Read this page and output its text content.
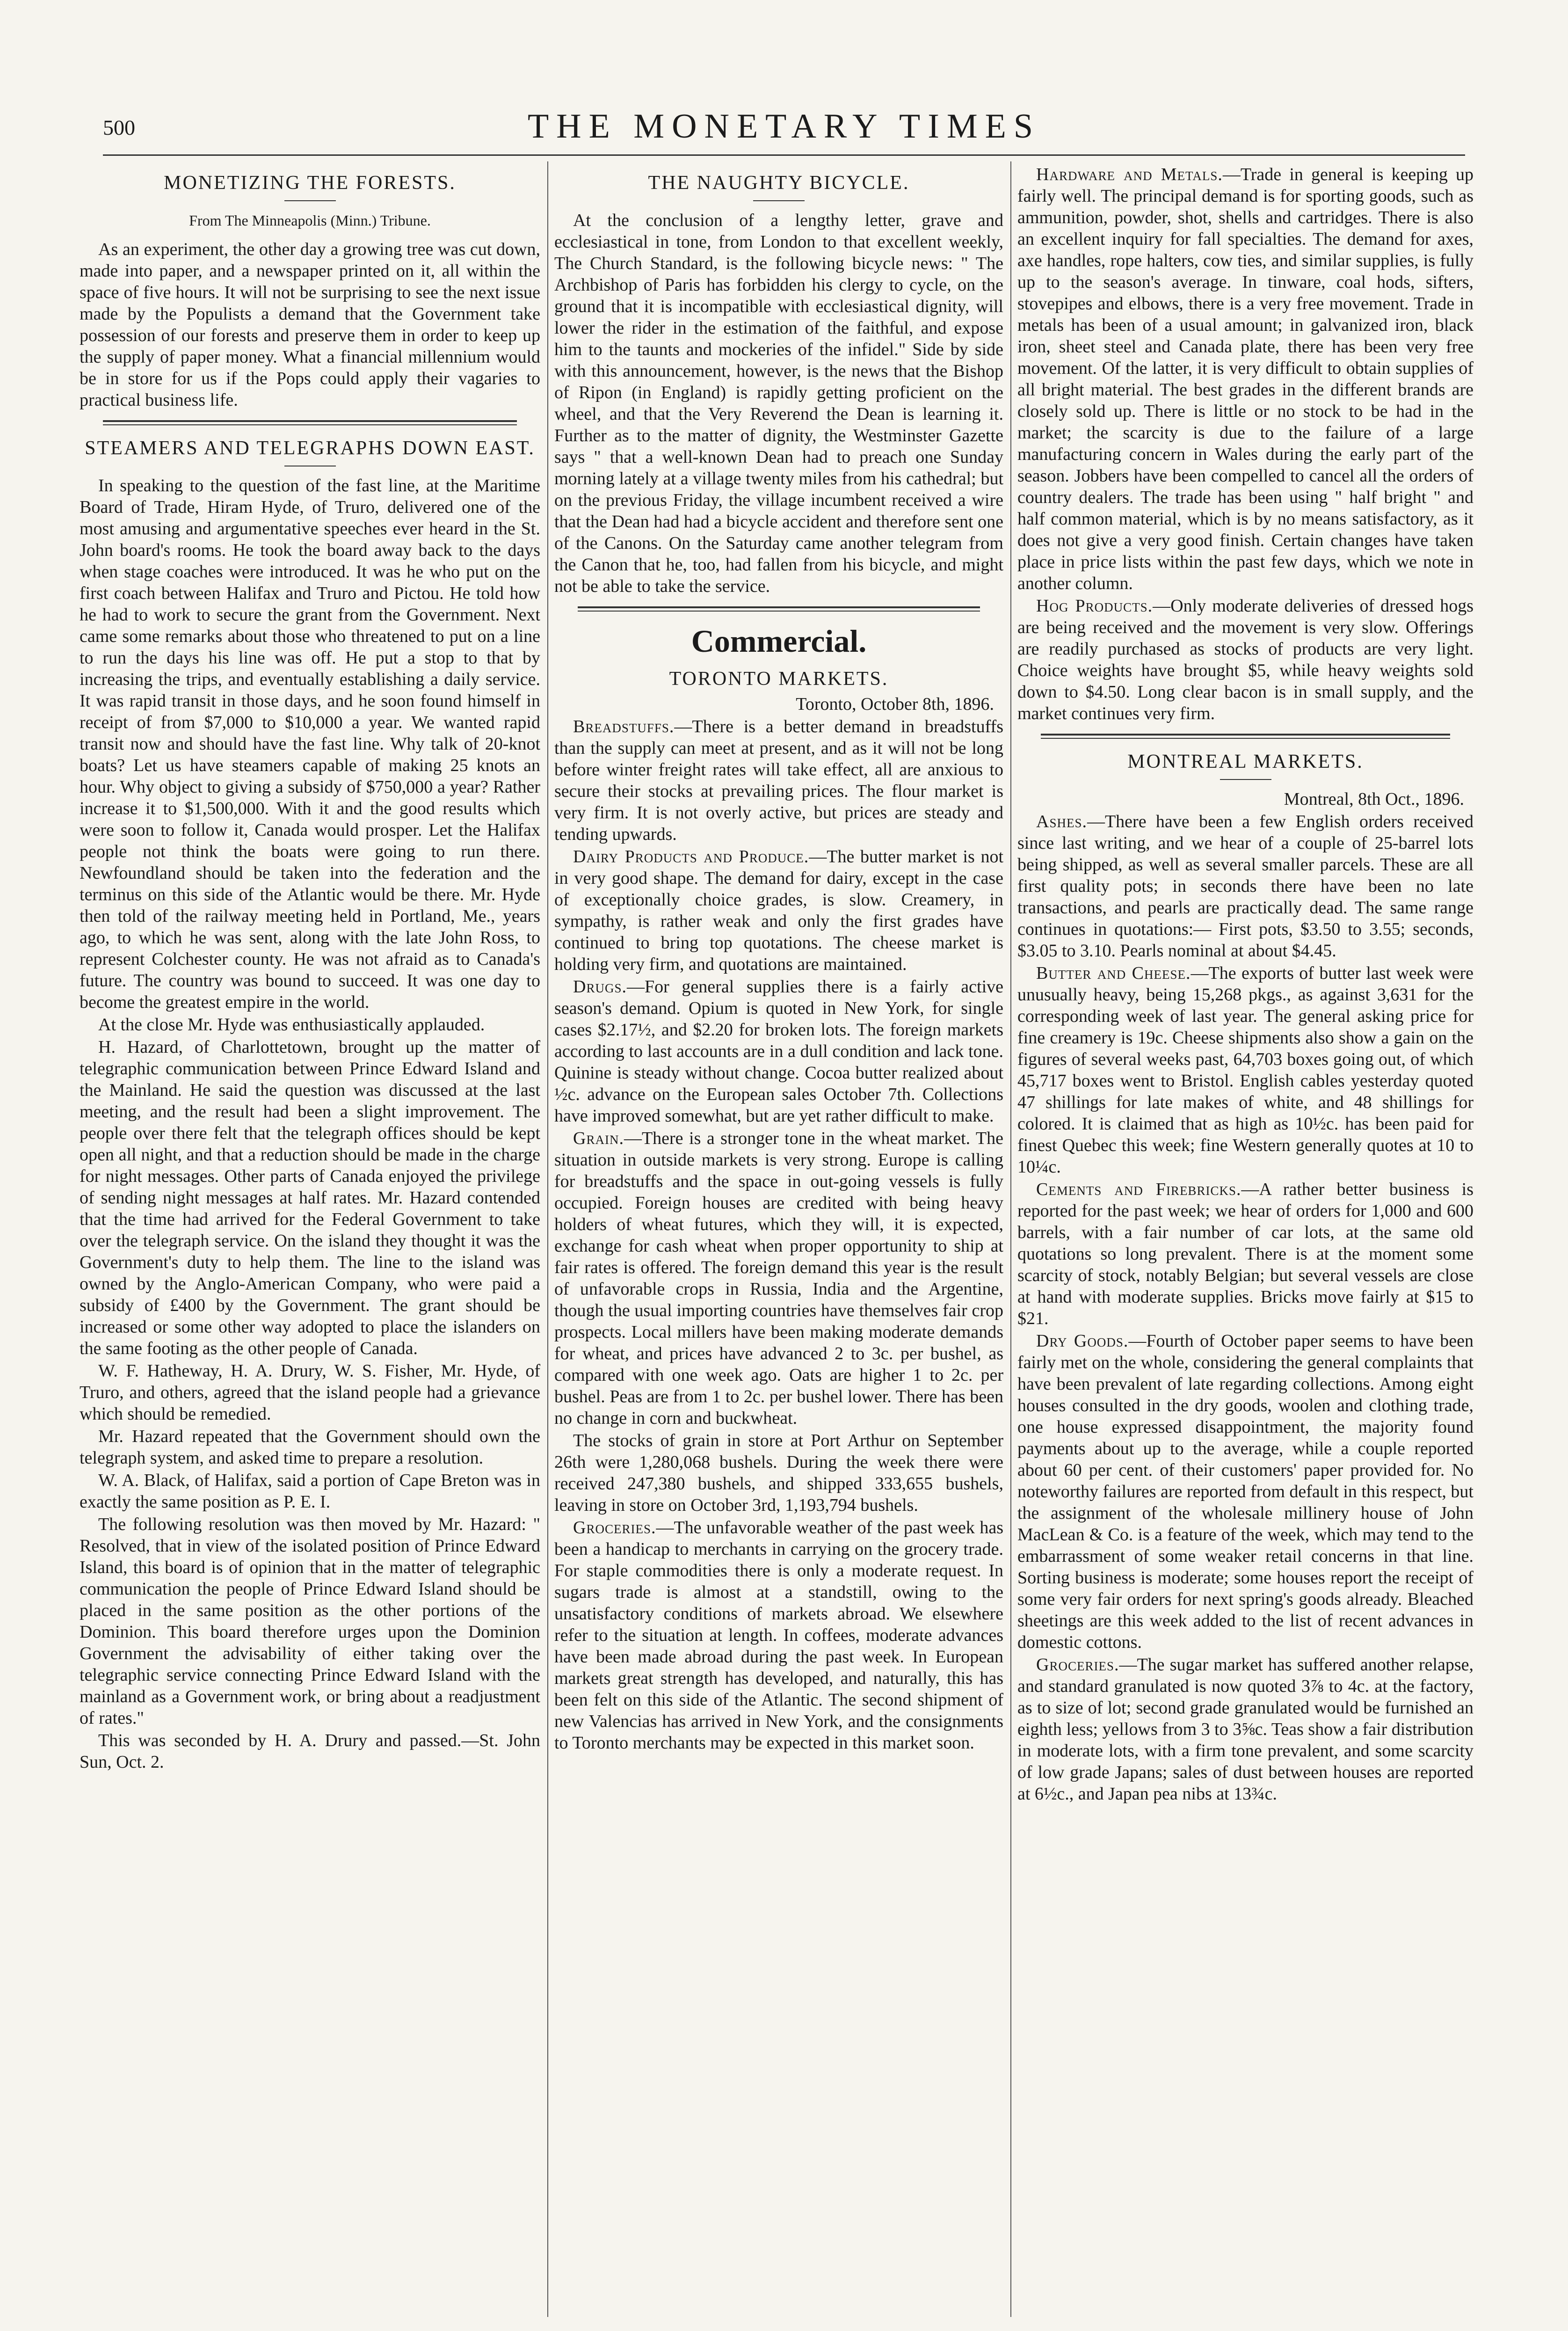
500	THE MONETARY TIMES
MONETIZING THE FORESTS.

From The Minneapolis (Minn.) Tribune.

As an experiment, the other day a growing tree was cut down, made into paper, and a newspaper printed on it, all within the space of five hours. It will not be surprising to see the next issue made by the Populists a demand that the Government take possession of our forests and preserve them in order to keep up the supply of paper money. What a financial millennium would be in store for us if the Pops could apply their vagaries to practical business life.

STEAMERS AND TELEGRAPHS DOWN EAST.

In speaking to the question of the fast line, at the Maritime Board of Trade, Hiram Hyde, of Truro, delivered one of the most amusing and argumentative speeches ever heard in the St. John board's rooms. He took the board away back to the days when stage coaches were introduced. It was he who put on the first coach between Halifax and Truro and Pictou. He told how he had to work to secure the grant from the Government. Next came some remarks about those who threatened to put on a line to run the days his line was off. He put a stop to that by increasing the trips, and eventually establishing a daily service. It was rapid transit in those days, and he soon found himself in receipt of from $7,000 to $10,000 a year. We wanted rapid transit now and should have the fast line. Why talk of 20-knot boats? Let us have steamers capable of making 25 knots an hour. Why object to giving a subsidy of $750,000 a year? Rather increase it to $1,500,000. With it and the good results which were soon to follow it, Canada would prosper. Let the Halifax people not think the boats were going to run there. Newfoundland should be taken into the federation and the terminus on this side of the Atlantic would be there. Mr. Hyde then told of the railway meeting held in Portland, Me., years ago, to which he was sent, along with the late John Ross, to represent Colchester county. He was not afraid as to Canada's future. The country was bound to succeed. It was one day to become the greatest empire in the world.

At the close Mr. Hyde was enthusiastically applauded.

H. Hazard, of Charlottetown, brought up the matter of telegraphic communication between Prince Edward Island and the Mainland. He said the question was discussed at the last meeting, and the result had been a slight improvement. The people over there felt that the telegraph offices should be kept open all night, and that a reduction should be made in the charge for night messages. Other parts of Canada enjoyed the privilege of sending night messages at half rates. Mr. Hazard contended that the time had arrived for the Federal Government to take over the telegraph service. On the island they thought it was the Government's duty to help them. The line to the island was owned by the Anglo-American Company, who were paid a subsidy of £400 by the Government. The grant should be increased or some other way adopted to place the islanders on the same footing as the other people of Canada.

W. F. Hatheway, H. A. Drury, W. S. Fisher, Mr. Hyde, of Truro, and others, agreed that the island people had a grievance which should be remedied.

Mr. Hazard repeated that the Government should own the telegraph system, and asked time to prepare a resolution.

W. A. Black, of Halifax, said a portion of Cape Breton was in exactly the same position as P. E. I.

The following resolution was then moved by Mr. Hazard: " Resolved, that in view of the isolated position of Prince Edward Island, this board is of opinion that in the matter of telegraphic communication the people of Prince Edward Island should be placed in the same position as the other portions of the Dominion. This board therefore urges upon the Dominion Government the advisability of either taking over the telegraphic service connecting Prince Edward Island with the mainland as a Government work, or bring about a readjustment of rates."

This was seconded by H. A. Drury and passed.—St. John Sun, Oct. 2.

THE NAUGHTY BICYCLE.

At the conclusion of a lengthy letter, grave and ecclesiastical in tone, from London to that excellent weekly, The Church Standard, is the following bicycle news: " The Archbishop of Paris has forbidden his clergy to cycle, on the ground that it is incompatible with ecclesiastical dignity, will lower the rider in the estimation of the faithful, and expose him to the taunts and mockeries of the infidel." Side by side with this announcement, however, is the news that the Bishop of Ripon (in England) is rapidly getting proficient on the wheel, and that the Very Reverend the Dean is learning it. Further as to the matter of dignity, the Westminster Gazette says " that a well-known Dean had to preach one Sunday morning lately at a village twenty miles from his cathedral; but on the previous Friday, the village incumbent received a wire that the Dean had had a bicycle accident and therefore sent one of the Canons. On the Saturday came another telegram from the Canon that he, too, had fallen from his bicycle, and might not be able to take the service.

Commercial.
TORONTO MARKETS.

Toronto, October 8th, 1896.

Breadstuffs.—There is a better demand in breadstuffs than the supply can meet at present, and as it will not be long before winter freight rates will take effect, all are anxious to secure their stocks at prevailing prices. The flour market is very firm. It is not overly active, but prices are steady and tending upwards.

Dairy Products and Produce.—The butter market is not in very good shape. The demand for dairy, except in the case of exceptionally choice grades, is slow. Creamery, in sympathy, is rather weak and only the first grades have continued to bring top quotations. The cheese market is holding very firm, and quotations are maintained.

Drugs.—For general supplies there is a fairly active season's demand. Opium is quoted in New York, for single cases $2.17½, and $2.20 for broken lots. The foreign markets according to last accounts are in a dull condition and lack tone. Quinine is steady without change. Cocoa butter realized about ½c. advance on the European sales October 7th. Collections have improved somewhat, but are yet rather difficult to make.

Grain.—There is a stronger tone in the wheat market. The situation in outside markets is very strong. Europe is calling for breadstuffs and the space in out-going vessels is fully occupied. Foreign houses are credited with being heavy holders of wheat futures, which they will, it is expected, exchange for cash wheat when proper opportunity to ship at fair rates is offered. The foreign demand this year is the result of unfavorable crops in Russia, India and the Argentine, though the usual importing countries have themselves fair crop prospects. Local millers have been making moderate demands for wheat, and prices have advanced 2 to 3c. per bushel, as compared with one week ago. Oats are higher 1 to 2c. per bushel. Peas are from 1 to 2c. per bushel lower. There has been no change in corn and buckwheat.

The stocks of grain in store at Port Arthur on September 26th were 1,280,068 bushels. During the week there were received 247,380 bushels, and shipped 333,655 bushels, leaving in store on October 3rd, 1,193,794 bushels.

Groceries.—The unfavorable weather of the past week has been a handicap to merchants in carrying on the grocery trade. For staple commodities there is only a moderate request. In sugars trade is almost at a standstill, owing to the unsatisfactory conditions of markets abroad. We elsewhere refer to the situation at length. In coffees, moderate advances have been made abroad during the past week. In European markets great strength has developed, and naturally, this has been felt on this side of the Atlantic. The second shipment of new Valencias has arrived in New York, and the consignments to Toronto merchants may be expected in this market soon.

Hardware and Metals.—Trade in general is keeping up fairly well. The principal demand is for sporting goods, such as ammunition, powder, shot, shells and cartridges. There is also an excellent inquiry for fall specialties. The demand for axes, axe handles, rope halters, cow ties, and similar supplies, is fully up to the season's average. In tinware, coal hods, sifters, stovepipes and elbows, there is a very free movement. Trade in metals has been of a usual amount; in galvanized iron, black iron, sheet steel and Canada plate, there has been very free movement. Of the latter, it is very difficult to obtain supplies of all bright material. The best grades in the different brands are closely sold up. There is little or no stock to be had in the market; the scarcity is due to the failure of a large manufacturing concern in Wales during the early part of the season. Jobbers have been compelled to cancel all the orders of country dealers. The trade has been using " half bright " and half common material, which is by no means satisfactory, as it does not give a very good finish. Certain changes have taken place in price lists within the past few days, which we note in another column.

Hog Products.—Only moderate deliveries of dressed hogs are being received and the movement is very slow. Offerings are readily purchased as stocks of products are very light. Choice weights have brought $5, while heavy weights sold down to $4.50. Long clear bacon is in small supply, and the market continues very firm.

MONTREAL MARKETS.

Montreal, 8th Oct., 1896.

Ashes.—There have been a few English orders received since last writing, and we hear of a couple of 25-barrel lots being shipped, as well as several smaller parcels. These are all first quality pots; in seconds there have been no late transactions, and pearls are practically dead. The same range continues in quotations:— First pots, $3.50 to 3.55; seconds, $3.05 to 3.10. Pearls nominal at about $4.45.

Butter and Cheese.—The exports of butter last week were unusually heavy, being 15,268 pkgs., as against 3,631 for the corresponding week of last year. The general asking price for fine creamery is 19c. Cheese shipments also show a gain on the figures of several weeks past, 64,703 boxes going out, of which 45,717 boxes went to Bristol. English cables yesterday quoted 47 shillings for late makes of white, and 48 shillings for colored. It is claimed that as high as 10½c. has been paid for finest Quebec this week; fine Western generally quotes at 10 to 10¼c.

Cements and Firebricks.—A rather better business is reported for the past week; we hear of orders for 1,000 and 600 barrels, with a fair number of car lots, at the same old quotations so long prevalent. There is at the moment some scarcity of stock, notably Belgian; but several vessels are close at hand with moderate supplies. Bricks move fairly at $15 to $21.

Dry Goods.—Fourth of October paper seems to have been fairly met on the whole, considering the general complaints that have been prevalent of late regarding collections. Among eight houses consulted in the dry goods, woolen and clothing trade, one house expressed disappointment, the majority found payments about up to the average, while a couple reported about 60 per cent. of their customers' paper provided for. No noteworthy failures are reported from default in this respect, but the assignment of the wholesale millinery house of John MacLean & Co. is a feature of the week, which may tend to the embarrassment of some weaker retail concerns in that line. Sorting business is moderate; some houses report the receipt of some very fair orders for next spring's goods already. Bleached sheetings are this week added to the list of recent advances in domestic cottons.

Groceries.—The sugar market has suffered another relapse, and standard granulated is now quoted 3⅞ to 4c. at the factory, as to size of lot; second grade granulated would be furnished an eighth less; yellows from 3 to 3⅝c. Teas show a fair distribution in moderate lots, with a firm tone prevalent, and some scarcity of low grade Japans; sales of dust between houses are reported at 6½c., and Japan pea nibs at 13¾c.
